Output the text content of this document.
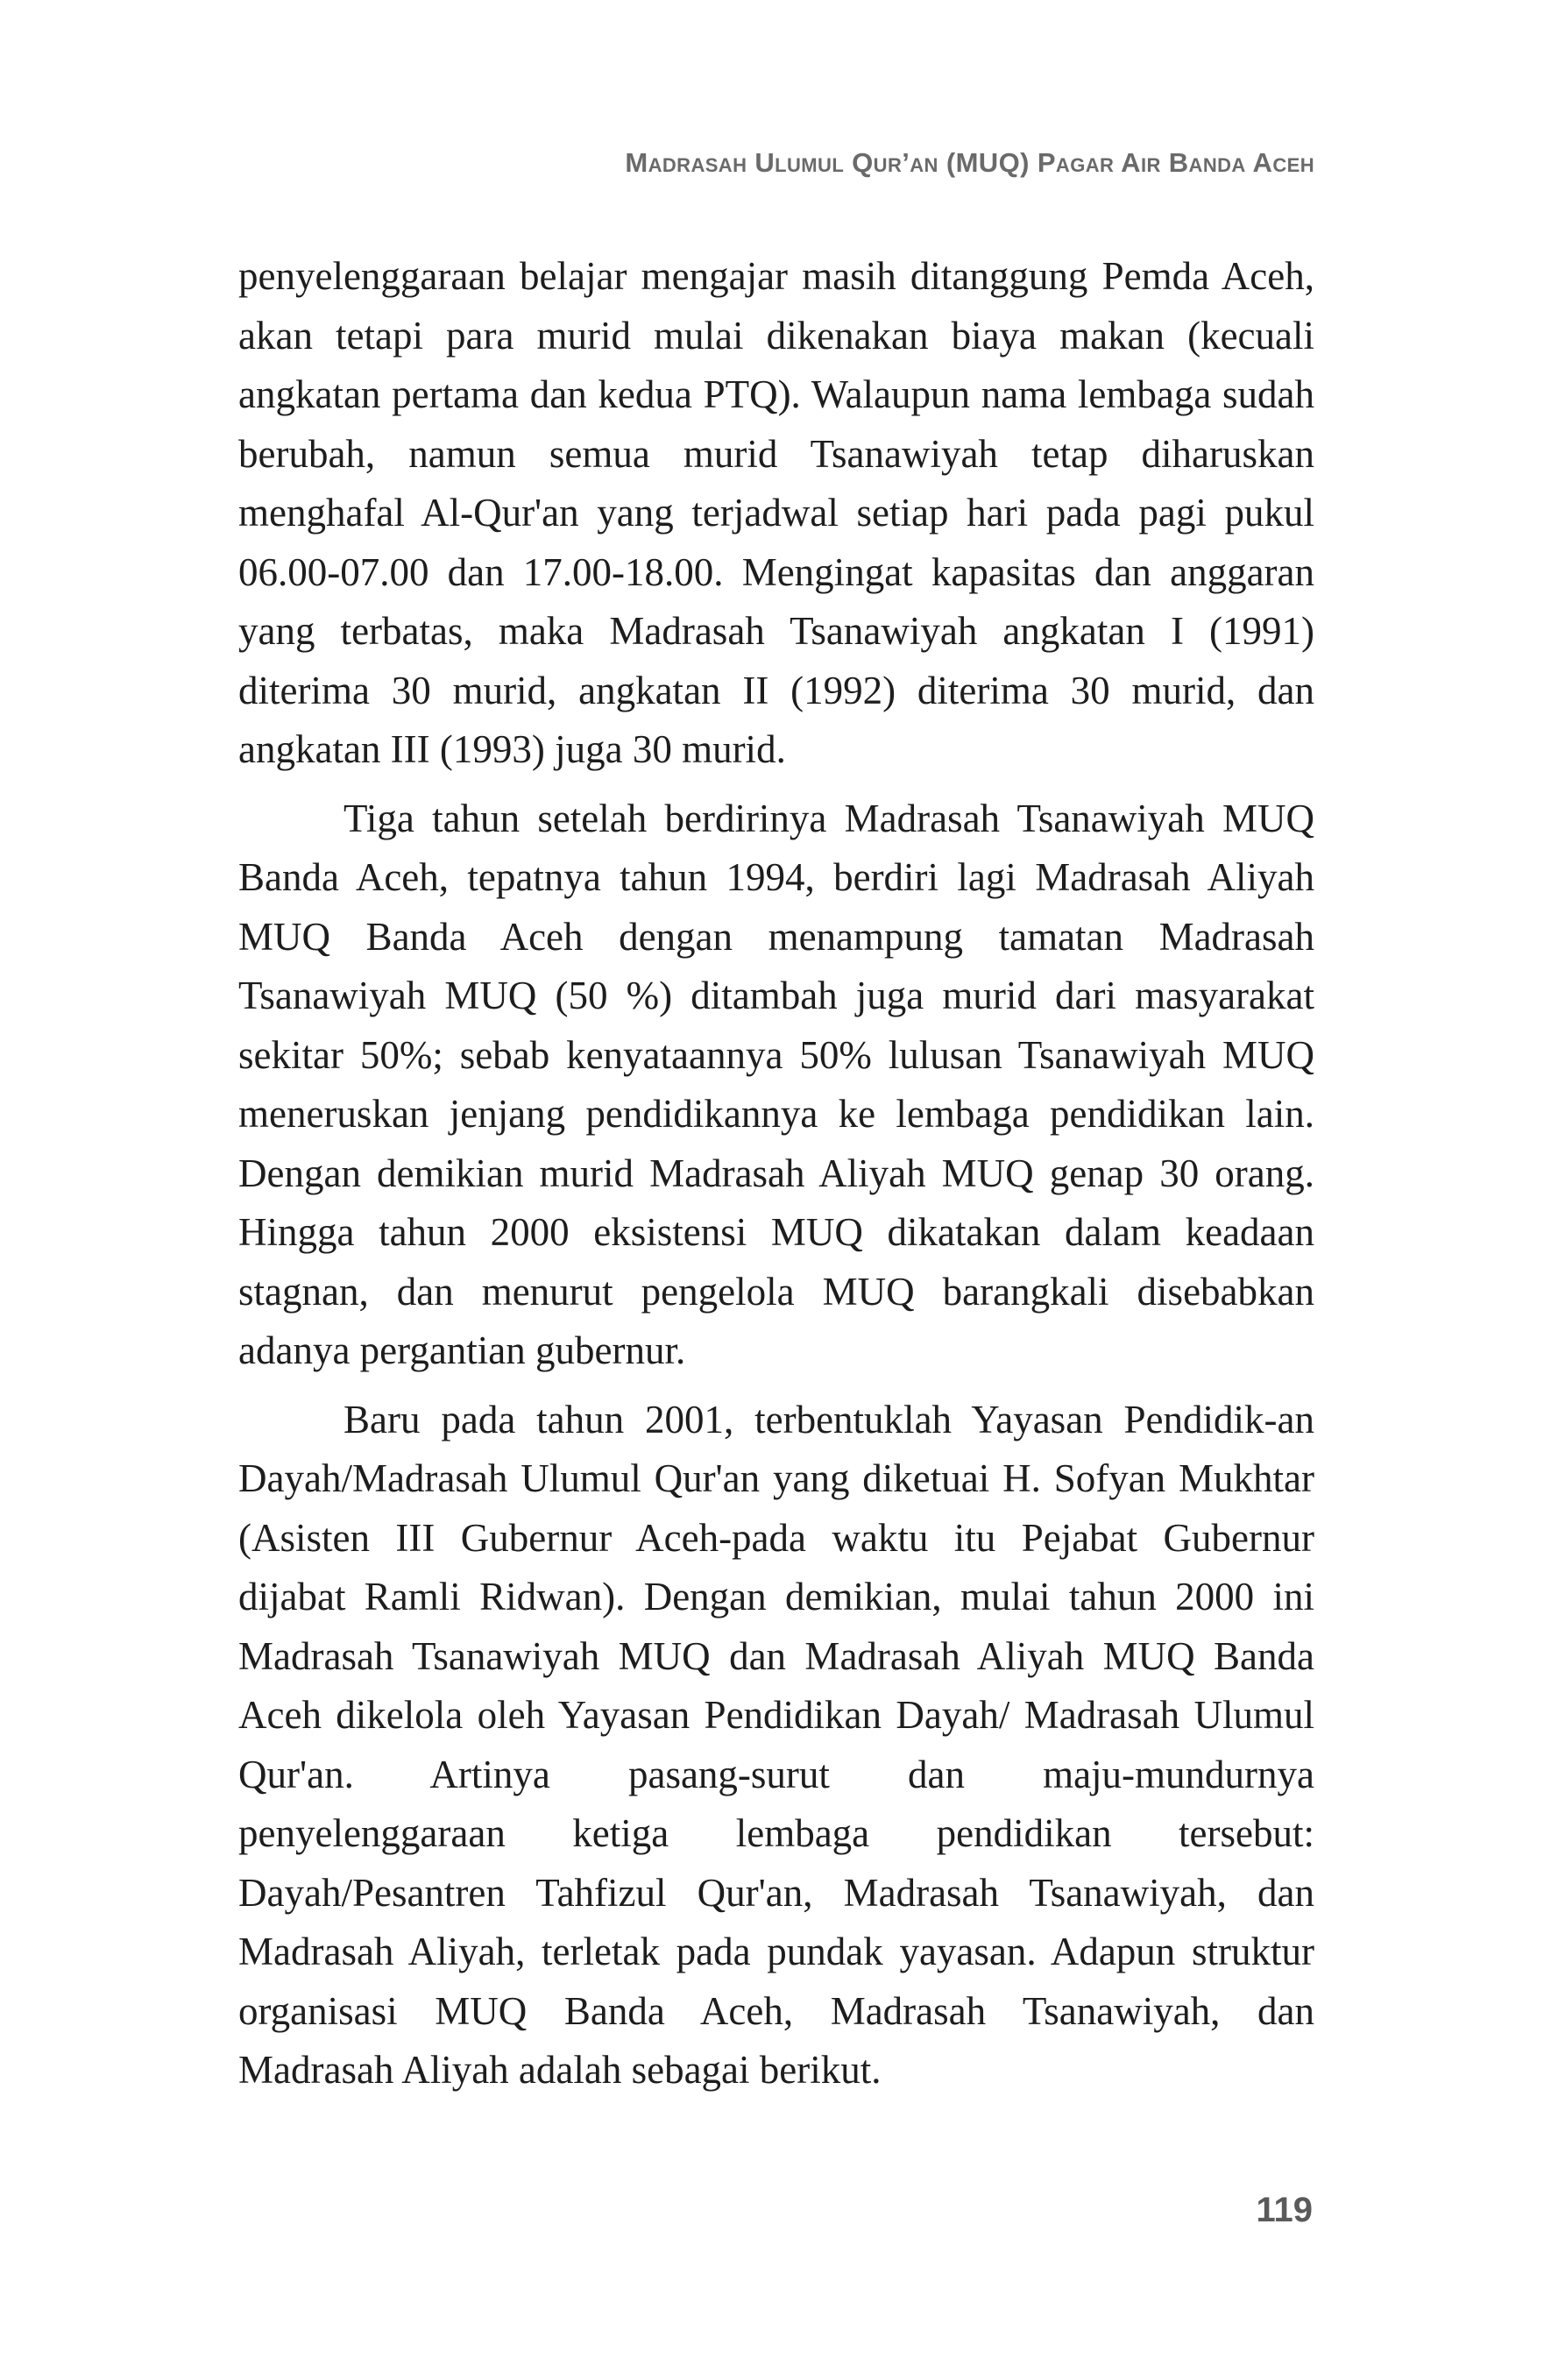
Madrasah Ulumul Qur’an (MUQ) Pagar Air Banda Aceh

penyelenggaraan belajar mengajar masih ditanggung Pemda Aceh, akan tetapi para murid mulai dikenakan biaya makan (kecuali angkatan pertama dan kedua PTQ). Walaupun nama lembaga sudah berubah, namun semua murid Tsanawiyah tetap diharuskan menghafal Al-Qur'an yang terjadwal setiap hari pada pagi pukul 06.00-07.00 dan 17.00-18.00. Mengingat kapasitas dan anggaran yang terbatas, maka Madrasah Tsanawiyah angkatan I (1991) diterima 30 murid, angkatan II (1992) diterima 30 murid, dan angkatan III (1993) juga 30 murid.

Tiga tahun setelah berdirinya Madrasah Tsanawiyah MUQ Banda Aceh, tepatnya tahun 1994, berdiri lagi Madrasah Aliyah MUQ Banda Aceh dengan menampung tamatan Madrasah Tsanawiyah MUQ (50 %) ditambah juga murid dari masyarakat sekitar 50%; sebab kenyataannya 50% lulusan Tsanawiyah MUQ meneruskan jenjang pendidikannya ke lembaga pendidikan lain. Dengan demikian murid Madrasah Aliyah MUQ genap 30 orang. Hingga tahun 2000 eksistensi MUQ dikatakan dalam keadaan stagnan, dan menurut pengelola MUQ barangkali disebabkan adanya pergantian gubernur.

Baru pada tahun 2001, terbentuklah Yayasan Pendidik-an Dayah/Madrasah Ulumul Qur'an yang diketuai H. Sofyan Mukhtar (Asisten III Gubernur Aceh-pada waktu itu Pejabat Gubernur dijabat Ramli Ridwan). Dengan demikian, mulai tahun 2000 ini Madrasah Tsanawiyah MUQ dan Madrasah Aliyah MUQ Banda Aceh dikelola oleh Yayasan Pendidikan Dayah/ Madrasah Ulumul Qur'an. Artinya pasang-surut dan maju-mundurnya penyelenggaraan ketiga lembaga pendidikan tersebut: Dayah/Pesantren Tahfizul Qur'an, Madrasah Tsanawiyah, dan Madrasah Aliyah, terletak pada pundak yayasan. Adapun struktur organisasi MUQ Banda Aceh, Madrasah Tsanawiyah, dan Madrasah Aliyah adalah sebagai berikut.

119
